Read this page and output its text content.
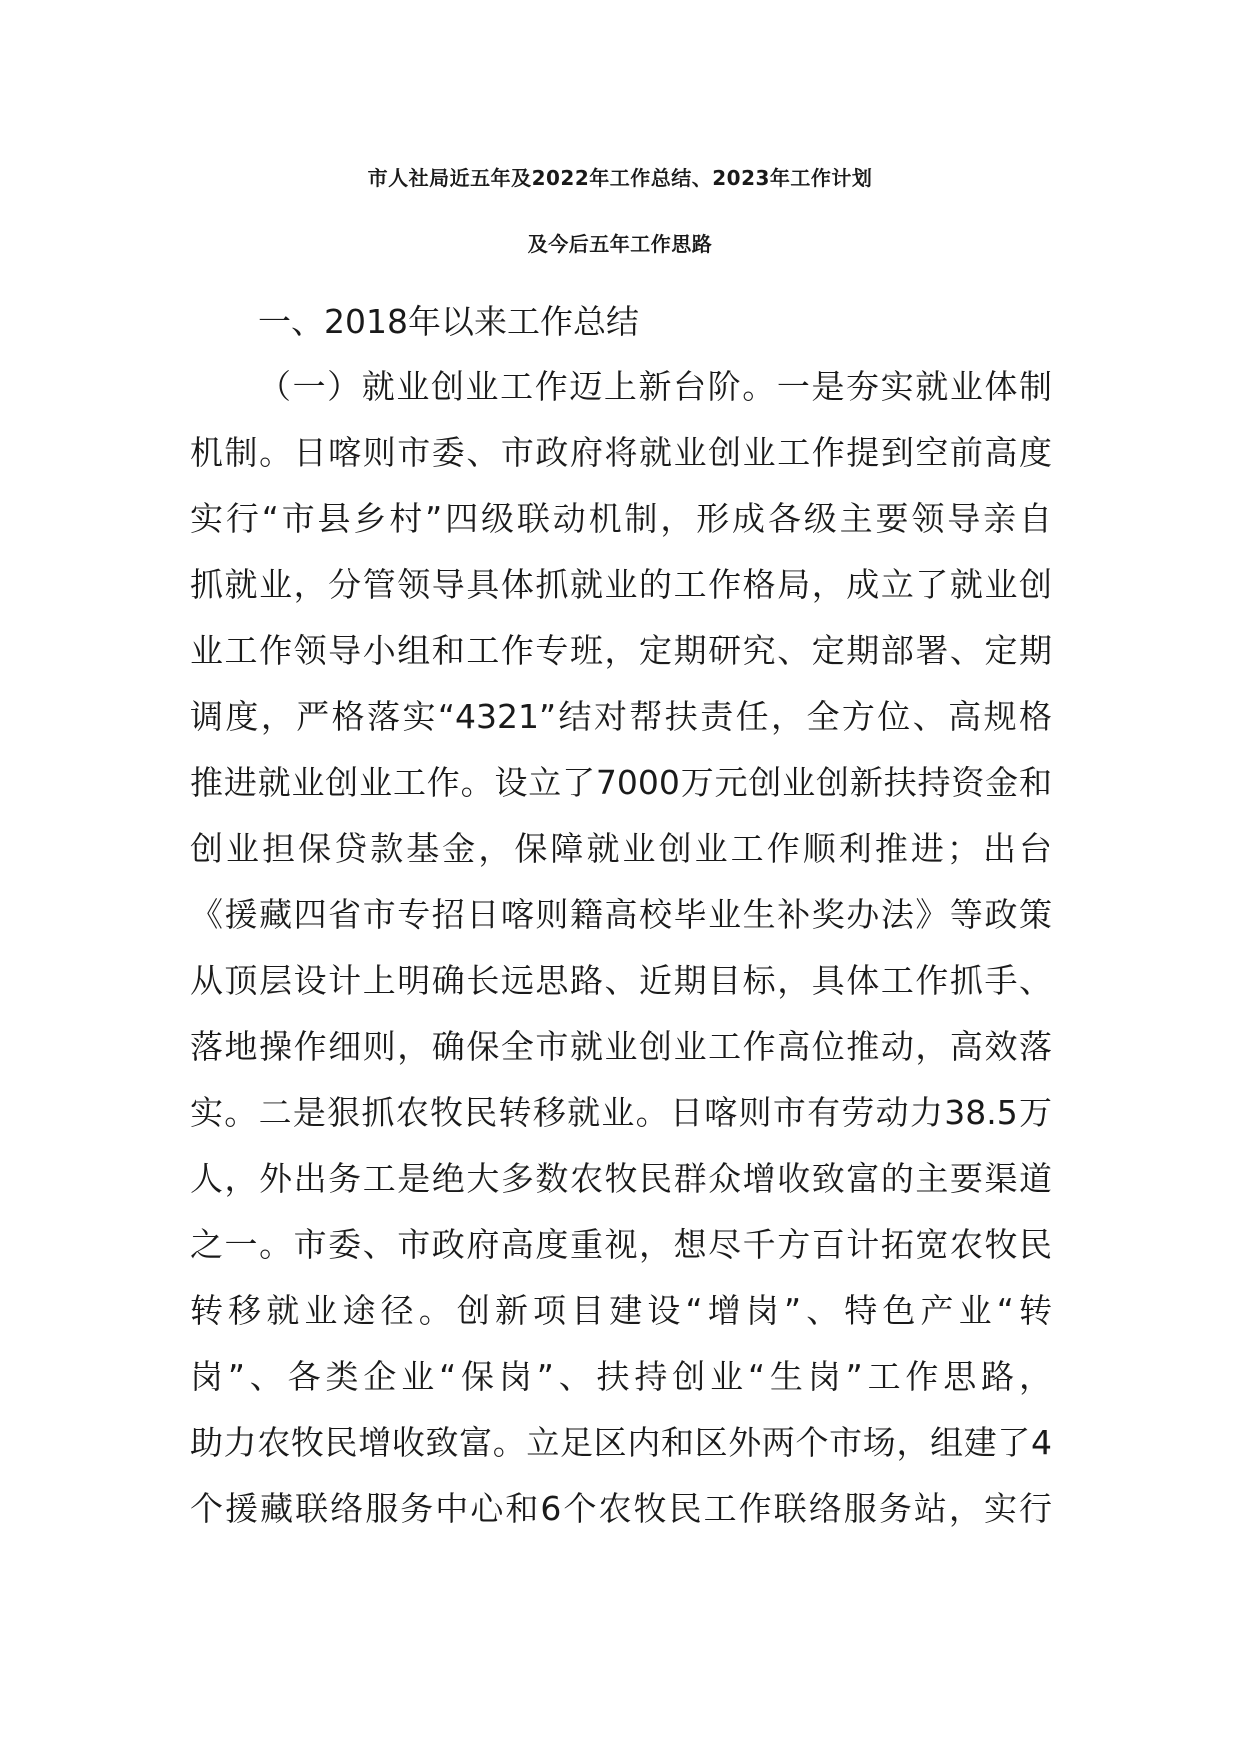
市人社局近五年及2022年工作总结、2023年工作计划
及今后五年工作思路
一、2018年以来工作总结
（一）就业创业工作迈上新台阶。一是夯实就业体制
机制。日喀则市委、市政府将就业创业工作提到空前高度
实行“市县乡村”四级联动机制，形成各级主要领导亲自
抓就业，分管领导具体抓就业的工作格局，成立了就业创
业工作领导小组和工作专班，定期研究、定期部署、定期
调度，严格落实“4321”结对帮扶责任，全方位、高规格
推进就业创业工作。设立了7000万元创业创新扶持资金和
创业担保贷款基金，保障就业创业工作顺利推进；出台
《援藏四省市专招日喀则籍高校毕业生补奖办法》等政策
从顶层设计上明确长远思路、近期目标，具体工作抓手、
落地操作细则，确保全市就业创业工作高位推动，高效落
实。二是狠抓农牧民转移就业。日喀则市有劳动力38.5万
人，外出务工是绝大多数农牧民群众增收致富的主要渠道
之一。市委、市政府高度重视，想尽千方百计拓宽农牧民
转移就业途径。创新项目建设“增岗”、特色产业“转
岗”、各类企业“保岗”、扶持创业“生岗”工作思路，
助力农牧民增收致富。立足区内和区外两个市场，组建了4
个援藏联络服务中心和6个农牧民工作联络服务站，实行
